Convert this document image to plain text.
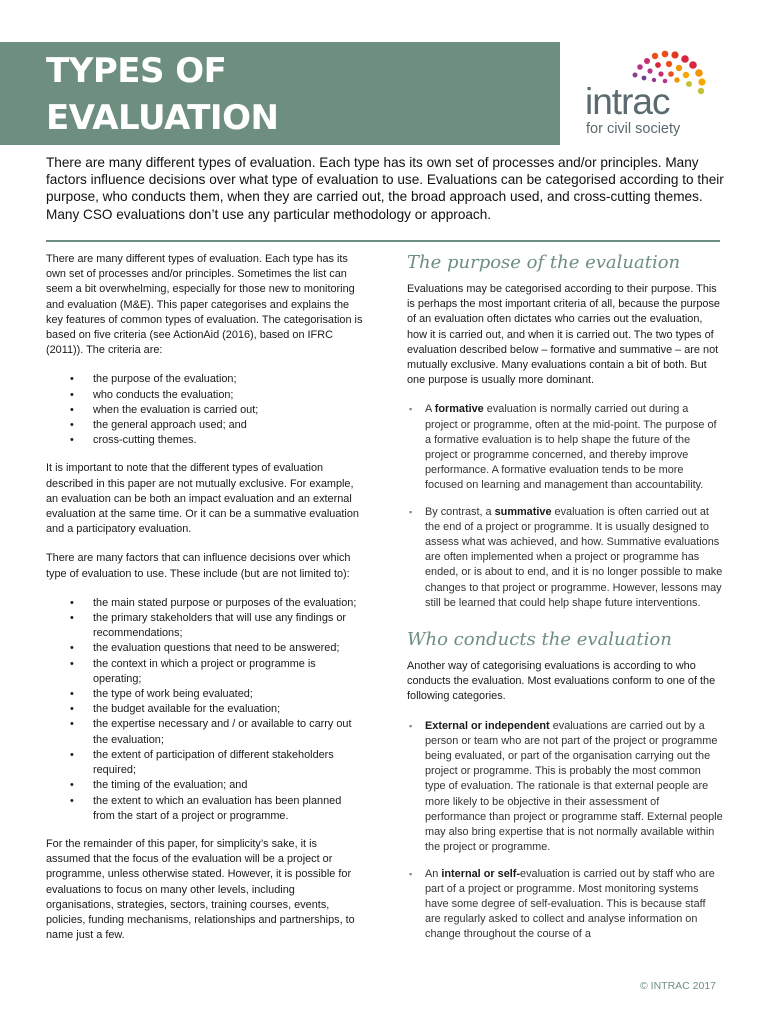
TYPES OF
EVALUATION	intrac
for civil society

There are many different types of evaluation. Each type has its own set of processes and/or principles. Many factors influence decisions over what type of evaluation to use. Evaluations can be categorised according to their purpose, who conducts them, when they are carried out, the broad approach used, and cross-cutting themes. Many CSO evaluations don’t use any particular methodology or approach.

There are many different types of evaluation. Each type has its own set of processes and/or principles. Sometimes the list can seem a bit overwhelming, especially for those new to monitoring and evaluation (M&E). This paper categorises and explains the key features of common types of evaluation. The categorisation is based on five criteria (see ActionAid (2016), based on IFRC (2011)). The criteria are:

• the purpose of the evaluation;
• who conducts the evaluation;
• when the evaluation is carried out;
• the general approach used; and
• cross-cutting themes.

It is important to note that the different types of evaluation described in this paper are not mutually exclusive. For example, an evaluation can be both an impact evaluation and an external evaluation at the same time. Or it can be a summative evaluation and a participatory evaluation.

There are many factors that can influence decisions over which type of evaluation to use. These include (but are not limited to):

• the main stated purpose or purposes of the evaluation;
• the primary stakeholders that will use any findings or recommendations;
• the evaluation questions that need to be answered;
• the context in which a project or programme is operating;
• the type of work being evaluated;
• the budget available for the evaluation;
• the expertise necessary and / or available to carry out the evaluation;
• the extent of participation of different stakeholders required;
• the timing of the evaluation; and
• the extent to which an evaluation has been planned from the start of a project or programme.

For the remainder of this paper, for simplicity’s sake, it is assumed that the focus of the evaluation will be a project or programme, unless otherwise stated. However, it is possible for evaluations to focus on many other levels, including organisations, strategies, sectors, training courses, events, policies, funding mechanisms, relationships and partnerships, to name just a few.

The purpose of the evaluation

Evaluations may be categorised according to their purpose. This is perhaps the most important criteria of all, because the purpose of an evaluation often dictates who carries out the evaluation, how it is carried out, and when it is carried out. The two types of evaluation described below – formative and summative – are not mutually exclusive. Many evaluations contain a bit of both. But one purpose is usually more dominant.

▪ A formative evaluation is normally carried out during a project or programme, often at the mid-point. The purpose of a formative evaluation is to help shape the future of the project or programme concerned, and thereby improve performance. A formative evaluation tends to be more focused on learning and management than accountability.
▪ By contrast, a summative evaluation is often carried out at the end of a project or programme. It is usually designed to assess what was achieved, and how. Summative evaluations are often implemented when a project or programme has ended, or is about to end, and it is no longer possible to make changes to that project or programme. However, lessons may still be learned that could help shape future interventions.
Who conducts the evaluation

Another way of categorising evaluations is according to who conducts the evaluation. Most evaluations conform to one of the following categories.

▪ External or independent evaluations are carried out by a person or team who are not part of the project or programme being evaluated, or part of the organisation carrying out the project or programme. This is probably the most common type of evaluation. The rationale is that external people are more likely to be objective in their assessment of performance than project or programme staff. External people may also bring expertise that is not normally available within the project or programme.
▪ An internal or self-evaluation is carried out by staff who are part of a project or programme. Most monitoring systems have some degree of self-evaluation. This is because staff are regularly asked to collect and analyse information on change throughout the course of a
© INTRAC 2017
